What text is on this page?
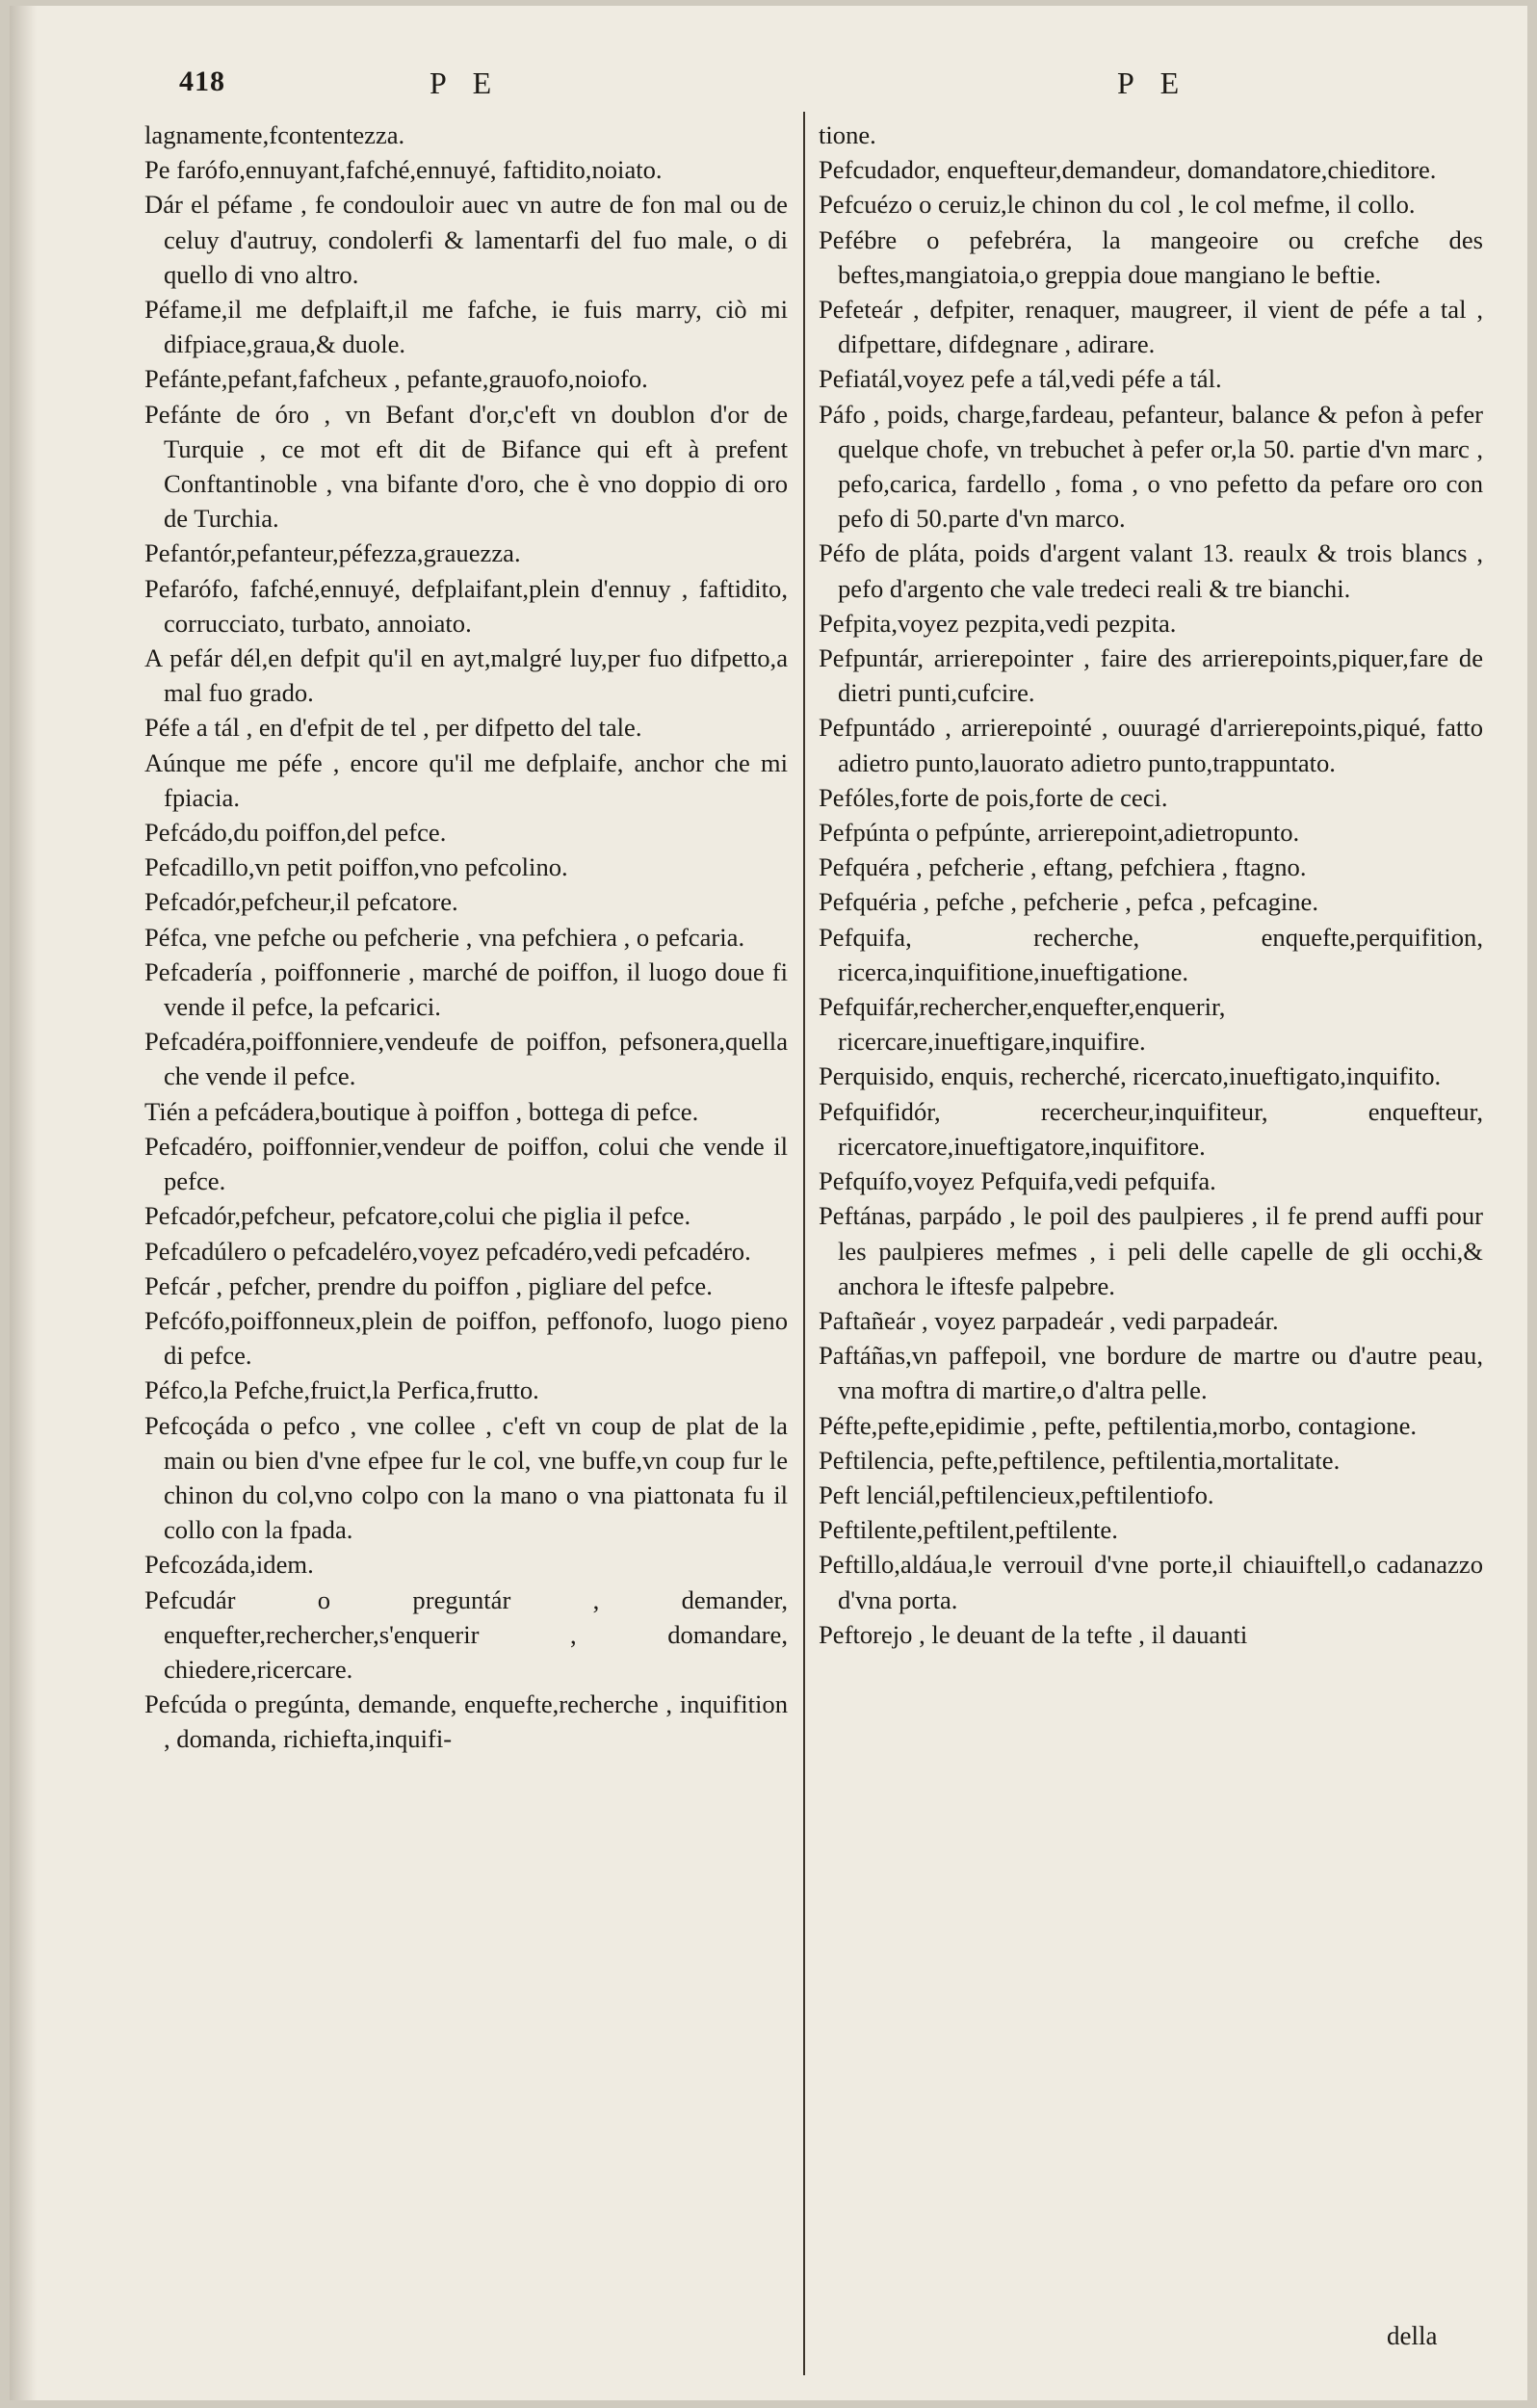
418	P E	P E
lagnamente,fcontentezza.
Pe farófo,ennuyant,fafché,ennuyé, faftidito,noiato.
Dár el péfame , fe condouloir auec vn autre de fon mal ou de celuy d'autruy, condolerfi & lamentarfi del fuo male, o di quello di vno altro.
Péfame,il me defplaift,il me fafche, ie fuis marry, ciò mi difpiace,graua,& duole.
Pefánte,pefant,fafcheux , pefante,grauofo,noiofo.
Pefánte de óro , vn Befant d'or,c'eft vn doublon d'or de Turquie , ce mot eft dit de Bifance qui eft à prefent Conftantinoble , vna bifante d'oro, che è vno doppio di oro de Turchia.
Pefantór,pefanteur,péfezza,grauezza.
Pefarófo, fafché,ennuyé, defplaifant,plein d'ennuy , faftidito, corrucciato, turbato, annoiato.
A pefár dél,en defpit qu'il en ayt,malgré luy,per fuo difpetto,a mal fuo grado.
Péfe a tál , en d'efpit de tel , per difpetto del tale.
Aúnque me péfe , encore qu'il me defplaife, anchor che mi fpiacia.
Pefcádo,du poiffon,del pefce.
Pefcadillo,vn petit poiffon,vno pefcolino.
Pefcadór,pefcheur,il pefcatore.
Péfca, vne pefche ou pefcherie , vna pefchiera , o pefcaria.
Pefcadería , poiffonnerie , marché de poiffon, il luogo doue fi vende il pefce, la pefcarici.
Pefcadéra,poiffonniere,vendeufe de poiffon, pefsonera,quella che vende il pefce.
Tién a pefcádera,boutique à poiffon , bottega di pefce.
Pefcadéro, poiffonnier,vendeur de poiffon, colui che vende il pefce.
Pefcadór,pefcheur, pefcatore,colui che piglia il pefce.
Pefcadúlero o pefcadeléro,voyez pefcadéro,vedi pefcadéro.
Pefcár , pefcher, prendre du poiffon , pigliare del pefce.
Pefcófo,poiffonneux,plein de poiffon, peffonofo, luogo pieno di pefce.
Péfco,la Pefche,fruict,la Perfica,frutto.
Pefcoçáda o pefco , vne collee , c'eft vn coup de plat de la main ou bien d'vne efpee fur le col, vne buffe,vn coup fur le chinon du col,vno colpo con la mano o vna piattonata fu il collo con la fpada.
Pefcozáda,idem.
Pefcudár o preguntár , demander, enquefter,rechercher,s'enquerir , domandare, chiedere,ricercare.
Pefcúda o pregúnta, demande, enquefte,recherche , inquifition , domanda, richiefta,inquifi-
tione.
Pefcudador, enquefteur,demandeur, domandatore,chieditore.
Pefcuézo o ceruiz,le chinon du col , le col mefme, il collo.
Pefébre o pefebréra, la mangeoire ou crefche des beftes,mangiatoia,o greppia doue mangiano le beftie.
Pefeteár , defpiter, renaquer, maugreer, il vient de péfe a tal , difpettare, difdegnare , adirare.
Pefiatál,voyez pefe a tál,vedi péfe a tál.
Páfo , poids, charge,fardeau, pefanteur, balance & pefon à pefer quelque chofe, vn trebuchet à pefer or,la 50. partie d'vn marc , pefo,carica, fardello , foma , o vno pefetto da pefare oro con pefo di 50.parte d'vn marco.
Péfo de pláta, poids d'argent valant 13. reaulx & trois blancs , pefo d'argento che vale tredeci reali & tre bianchi.
Pefpita,voyez pezpita,vedi pezpita.
Pefpuntár, arrierepointer , faire des arrierepoints,piquer,fare de dietri punti,cufcire.
Pefpuntádo , arrierepointé , ouuragé d'arrierepoints,piqué, fatto adietro punto,lauorato adietro punto,trappuntato.
Pefóles,forte de pois,forte de ceci.
Pefpúnta o pefpúnte, arrierepoint,adietropunto.
Pefquéra , pefcherie , eftang, pefchiera , ftagno.
Pefquéria , pefche , pefcherie , pefca , pefcagine.
Pefquifa, recherche, enquefte,perquifition, ricerca,inquifitione,inueftigatione.
Pefquifár,rechercher,enquefter,enquerir, ricercare,inueftigare,inquifire.
Perquisido, enquis, recherché, ricercato,inueftigato,inquifito.
Pefquifidór, recercheur,inquifiteur, enquefteur, ricercatore,inueftigatore,inquifitore.
Pefquífo,voyez Pefquifa,vedi pefquifa.
Peftánas, parpádo , le poil des paulpieres , il fe prend auffi pour les paulpieres mefmes , i peli delle capelle de gli occhi,& anchora le iftesfe palpebre.
Paftañeár , voyez parpadeár , vedi parpadeár.
Paftáñas,vn paffepoil, vne bordure de martre ou d'autre peau, vna moftra di martire,o d'altra pelle.
Péfte,pefte,epidimie , pefte, peftilentia,morbo, contagione.
Peftilencia, pefte,peftilence, peftilentia,mortalitate.
Peft lenciál,peftilencieux,peftilentiofo.
Peftilente,peftilent,peftilente.
Peftillo,aldáua,le verrouil d'vne porte,il chiauiftell,o cadanazzo d'vna porta.
Peftorejo , le deuant de la tefte , il dauanti
della
